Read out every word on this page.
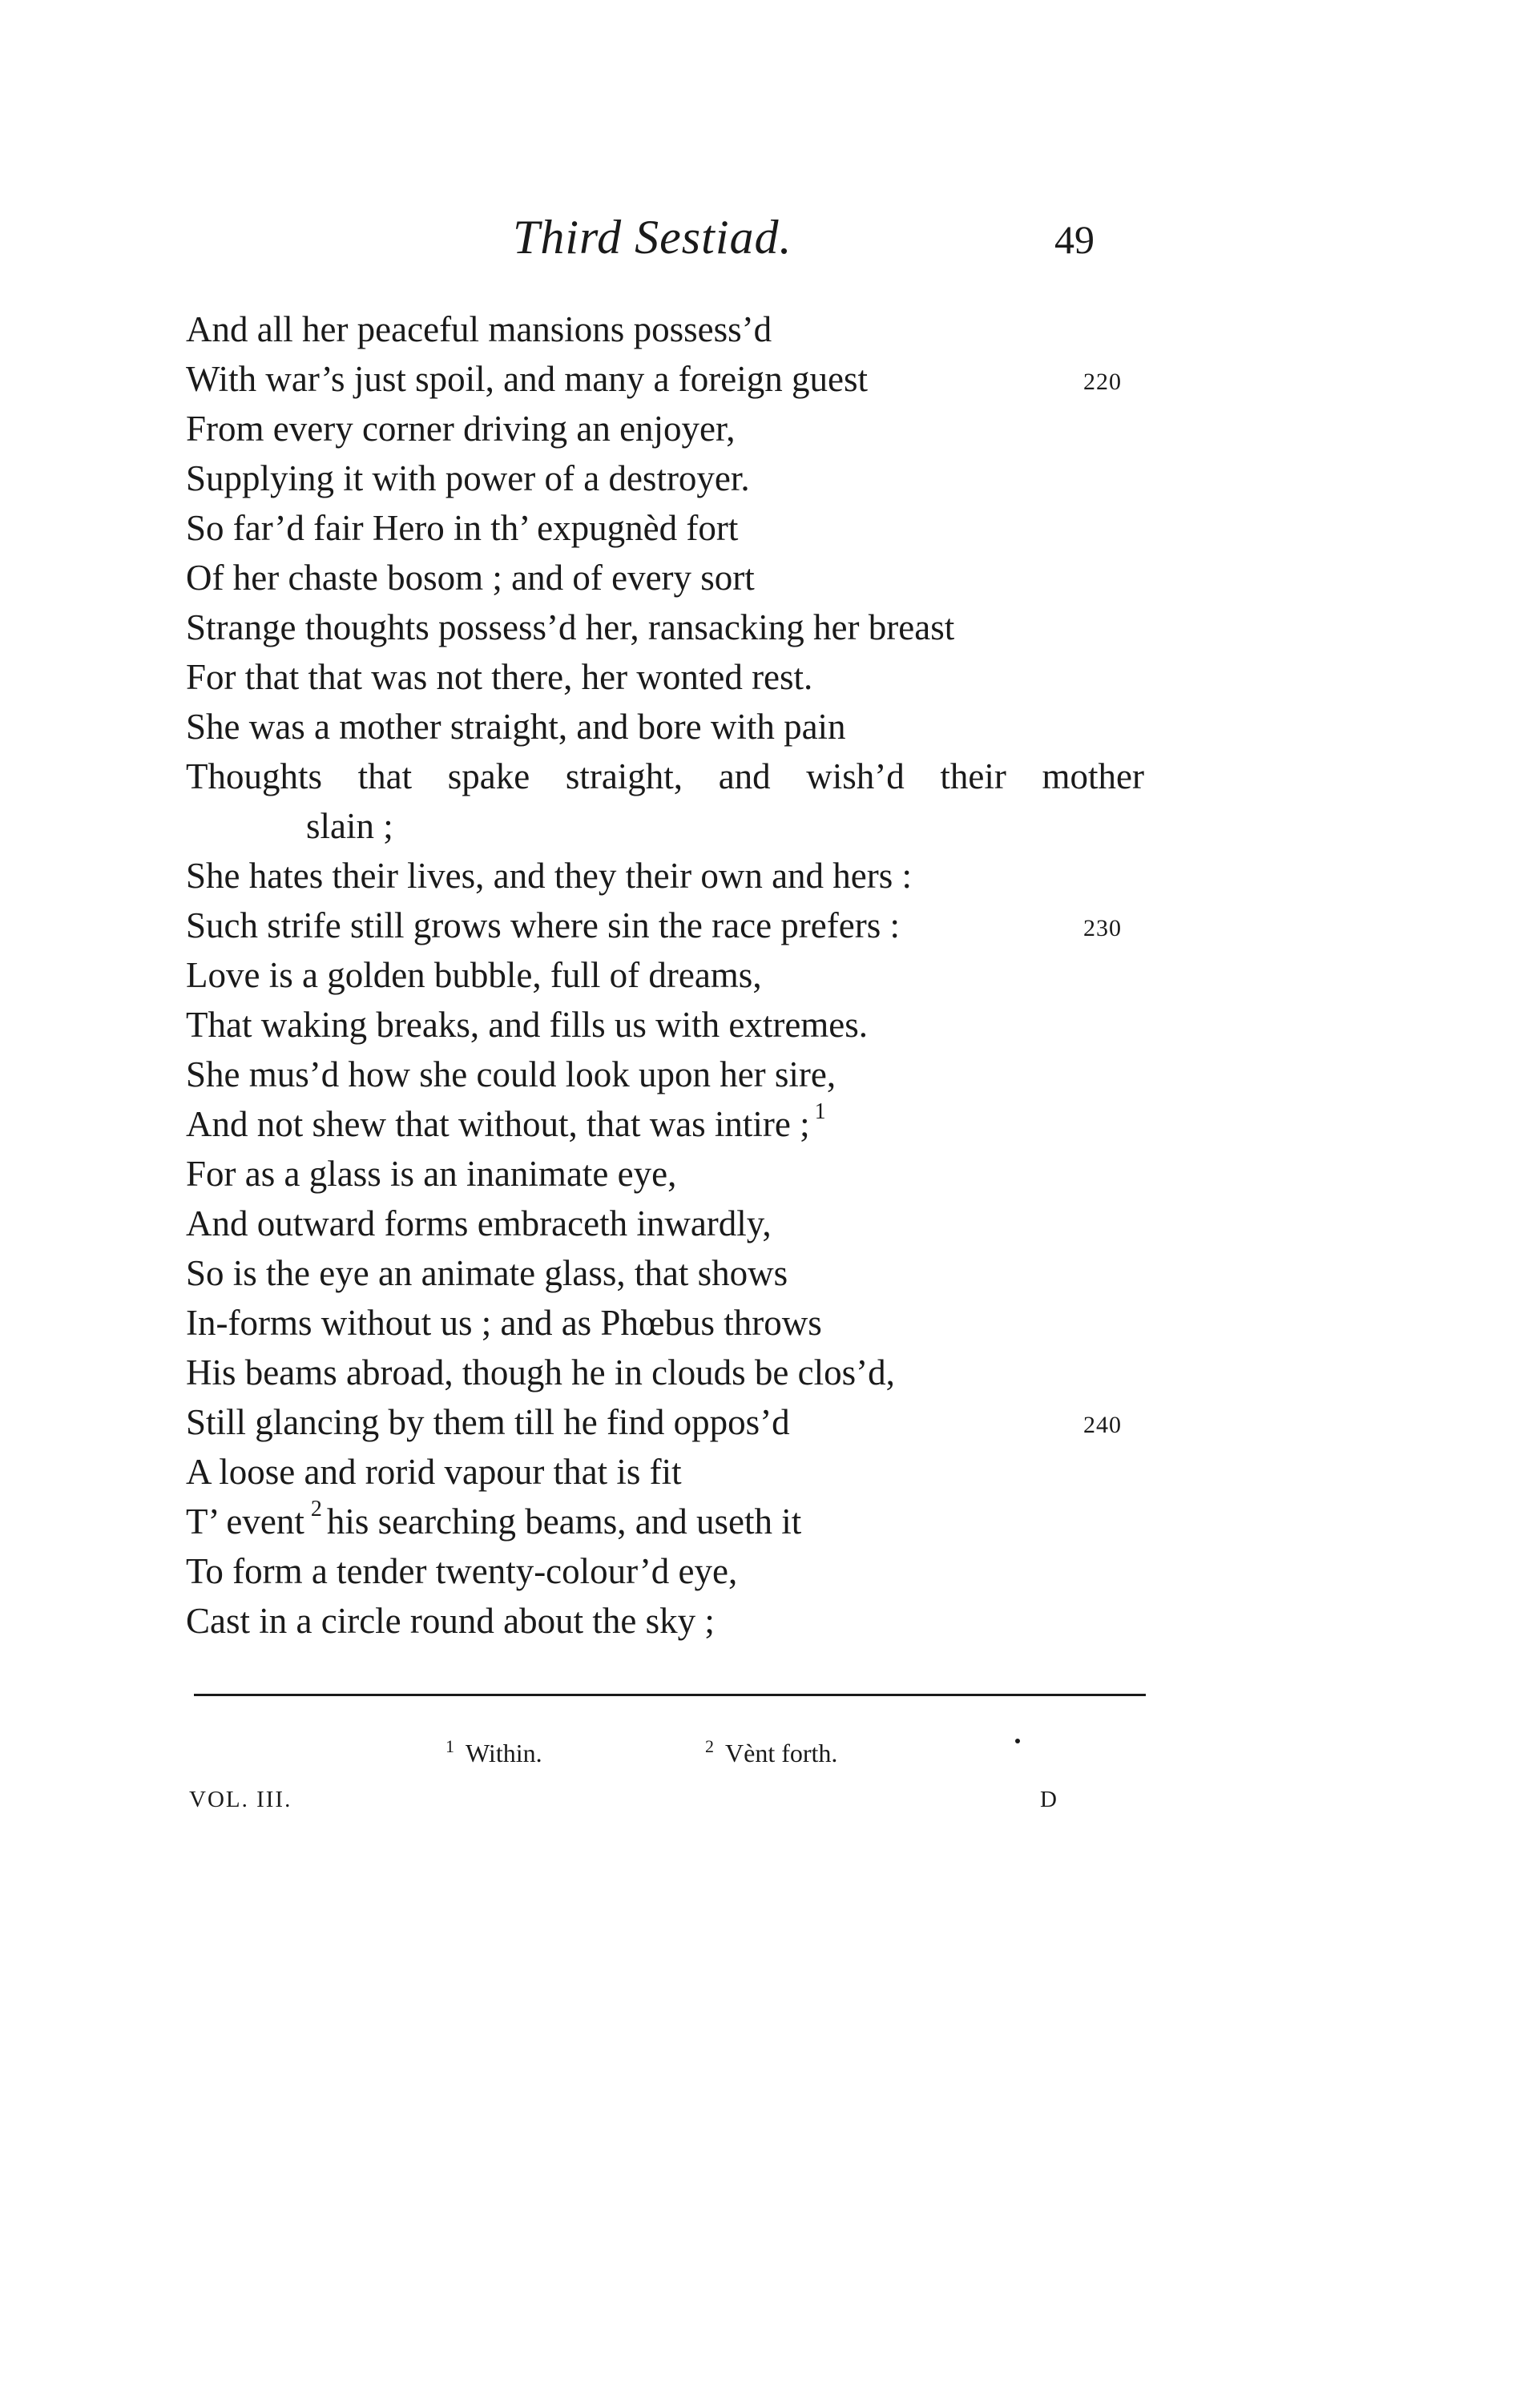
Third Sestiad.	49
And all her peaceful mansions possess’d
With war’s just spoil, and many a foreign guest	220
From every corner driving an enjoyer,
Supplying it with power of a destroyer.
So far’d fair Hero in th’ expugnèd fort
Of her chaste bosom ; and of every sort
Strange thoughts possess’d her, ransacking her breast
For that that was not there, her wonted rest.
She was a mother straight, and bore with pain
Thoughts that spake straight, and wish’d their mother
slain ;
She hates their lives, and they their own and hers :
Such strife still grows where sin the race prefers :	230
Love is a golden bubble, full of dreams,
That waking breaks, and fills us with extremes.
She mus’d how she could look upon her sire,
And not shew that without, that was intire ; $^1$
For as a glass is an inanimate eye,
And outward forms embraceth inwardly,
So is the eye an animate glass, that shows
In-forms without us ; and as Phœbus throws
His beams abroad, though he in clouds be clos’d,
Still glancing by them till he find oppos’d	240
A loose and rorid vapour that is fit
T’ event $^2$ his searching beams, and useth it
To form a tender twenty-colour’d eye,
Cast in a circle round about the sky ;
$^1$ Within.	$^2$ Vènt forth.
VOL. III.	D
